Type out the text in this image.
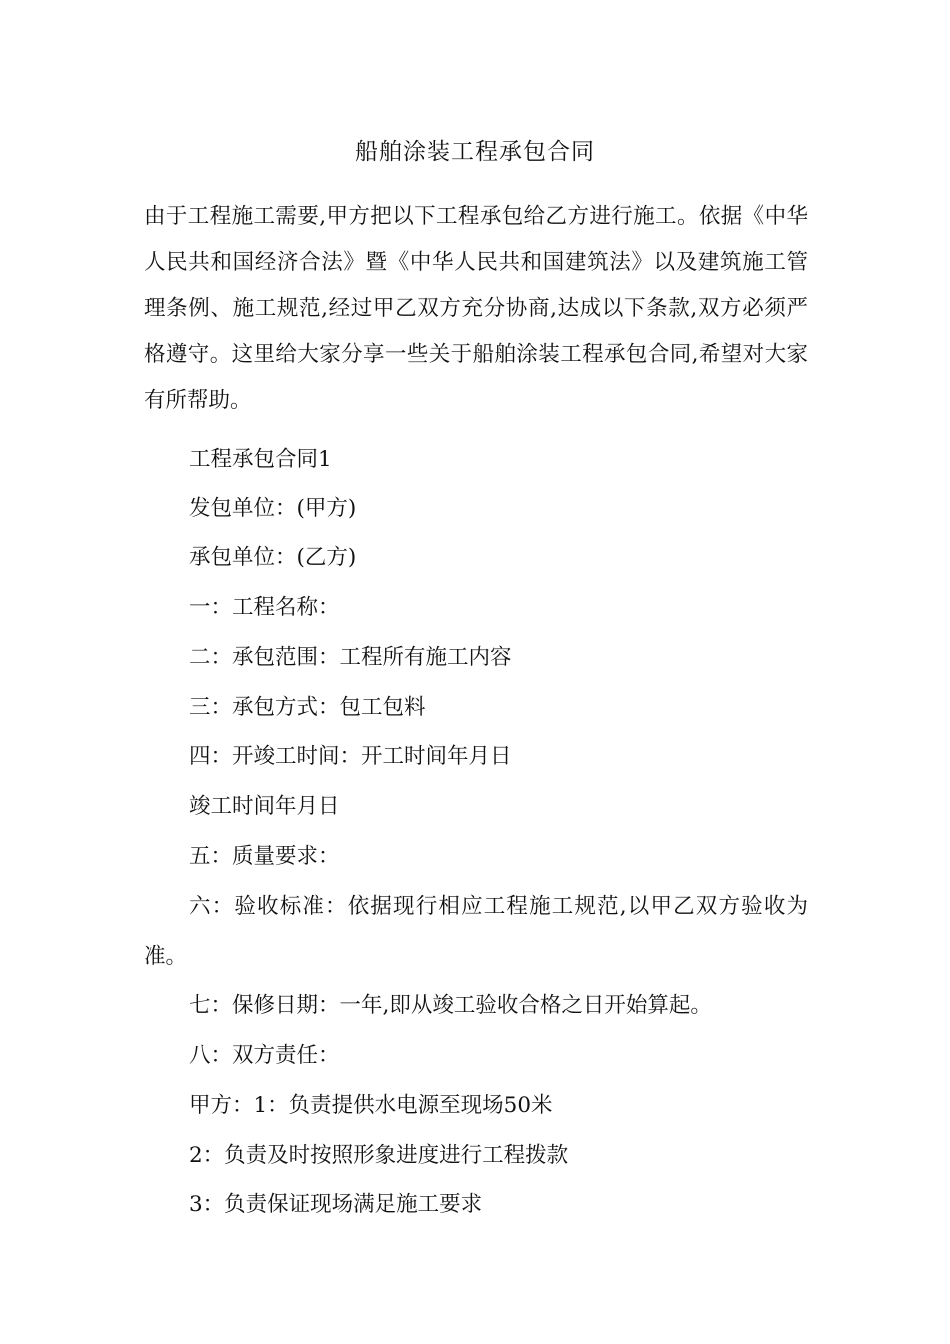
船舶涂装工程承包合同

由于工程施工需要,甲方把以下工程承包给乙方进行施工。依据《中华人民共和国经济合法》暨《中华人民共和国建筑法》以及建筑施工管理条例、施工规范,经过甲乙双方充分协商,达成以下条款,双方必须严格遵守。这里给大家分享一些关于船舶涂装工程承包合同,希望对大家有所帮助。

工程承包合同1

发包单位：(甲方)

承包单位：(乙方)

一：工程名称：

二：承包范围：工程所有施工内容

三：承包方式：包工包料

四：开竣工时间：开工时间年月日

竣工时间年月日

五：质量要求：

六：验收标准：依据现行相应工程施工规范,以甲乙双方验收为准。

七：保修日期：一年,即从竣工验收合格之日开始算起。

八：双方责任：

甲方：1：负责提供水电源至现场50米

2：负责及时按照形象进度进行工程拨款

3：负责保证现场满足施工要求
